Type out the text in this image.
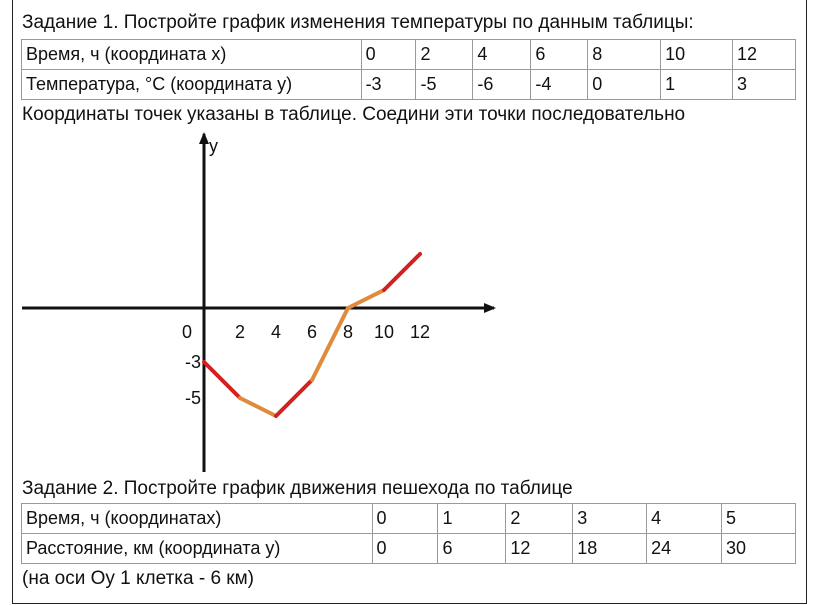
Задание 1. Постройте график изменения температуры по данным таблицы:
Время, ч (координата х)	0	2	4	6	8	10	12
Температура, °С (координата у)	-3	-5	-6	-4	0	1	3
Координаты точек указаны в таблице. Соедини эти точки последовательно
y
0 2 4 6 8 10 12
-3
-5
Задание 2. Постройте график движения пешехода по таблице
Время, ч (координатах)	0	1	2	3	4	5
Расстояние, км (координата у)	0	6	12	18	24	30
(на оси Оу 1 клетка - 6 км)
